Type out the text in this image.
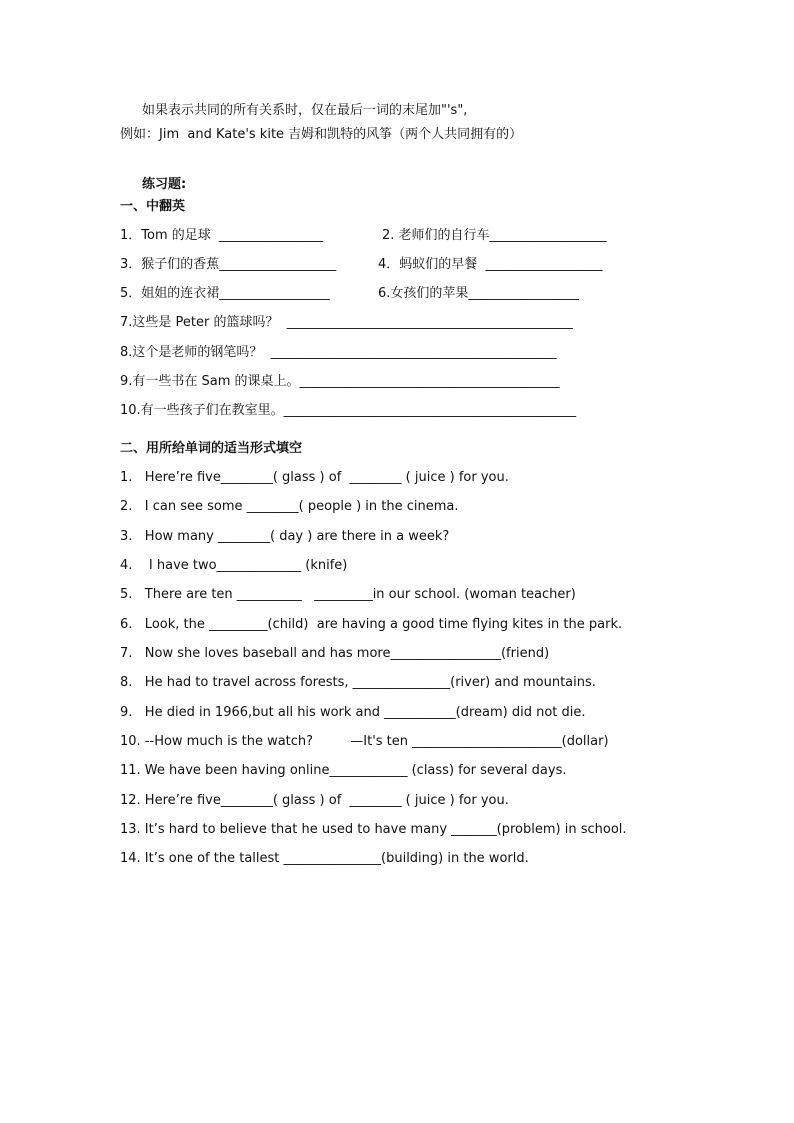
如果表示共同的所有关系时，仅在最后一词的末尾加"'s",
例如：Jim  and Kate's kite 吉姆和凯特的风筝（两个人共同拥有的）
练习题:
一、中翻英
1．Tom 的足球  ________________	2. 老师们的自行车__________________
3．猴子们的香蕉__________________	4．蚂蚁们的早餐  __________________
5．姐姐的连衣裙_________________	6.女孩们的苹果_________________
7.这些是 Peter 的篮球吗？  ____________________________________________
8.这个是老师的钢笔吗？  ____________________________________________
9.有一些书在 Sam 的课桌上。________________________________________
10.有一些孩子们在教室里。_____________________________________________
二、用所给单词的适当形式填空
1.   Here’re five________( glass ) of  ________ ( juice ) for you.
2.   I can see some ________( people ) in the cinema.
3.   How many ________( day ) are there in a week?
4.    I have two_____________ (knife)
5.   There are ten __________   _________in our school. (woman teacher)
6.   Look, the _________(child)  are having a good time flying kites in the park.
7.   Now she loves baseball and has more_________________(friend)
8.   He had to travel across forests, _______________(river) and mountains.
9.   He died in 1966,but all his work and ___________(dream) did not die.
10. --How much is the watch?         —It's ten _______________________(dollar)
11. We have been having online____________ (class) for several days.
12. Here’re five________( glass ) of  ________ ( juice ) for you.
13. It’s hard to believe that he used to have many _______(problem) in school.
14. It’s one of the tallest _______________(building) in the world.
